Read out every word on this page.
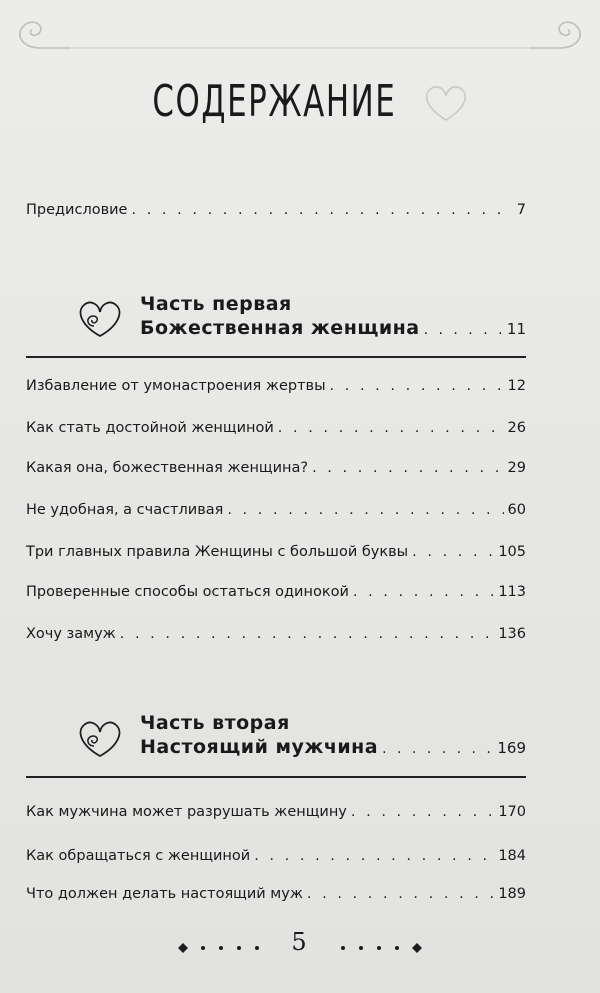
СОДЕРЖАНИЕ
Предисловие . . .	7
Часть первая
Божественная женщина . . .	11
Избавление от умонастроения жертвы . . .	12
Как стать достойной женщиной . . .	26
Какая она, божественная женщина? . . .	29
Не удобная, а счастливая . . .	60
Три главных правила Женщины с большой буквы . . .	105
Проверенные способы остаться одинокой . . .	113
Хочу замуж . . .	136
Часть вторая
Настоящий мужчина . . .	169
Как мужчина может разрушать женщину . . .	170
Как обращаться с женщиной . . .	184
Что должен делать настоящий муж . . .	189
5
